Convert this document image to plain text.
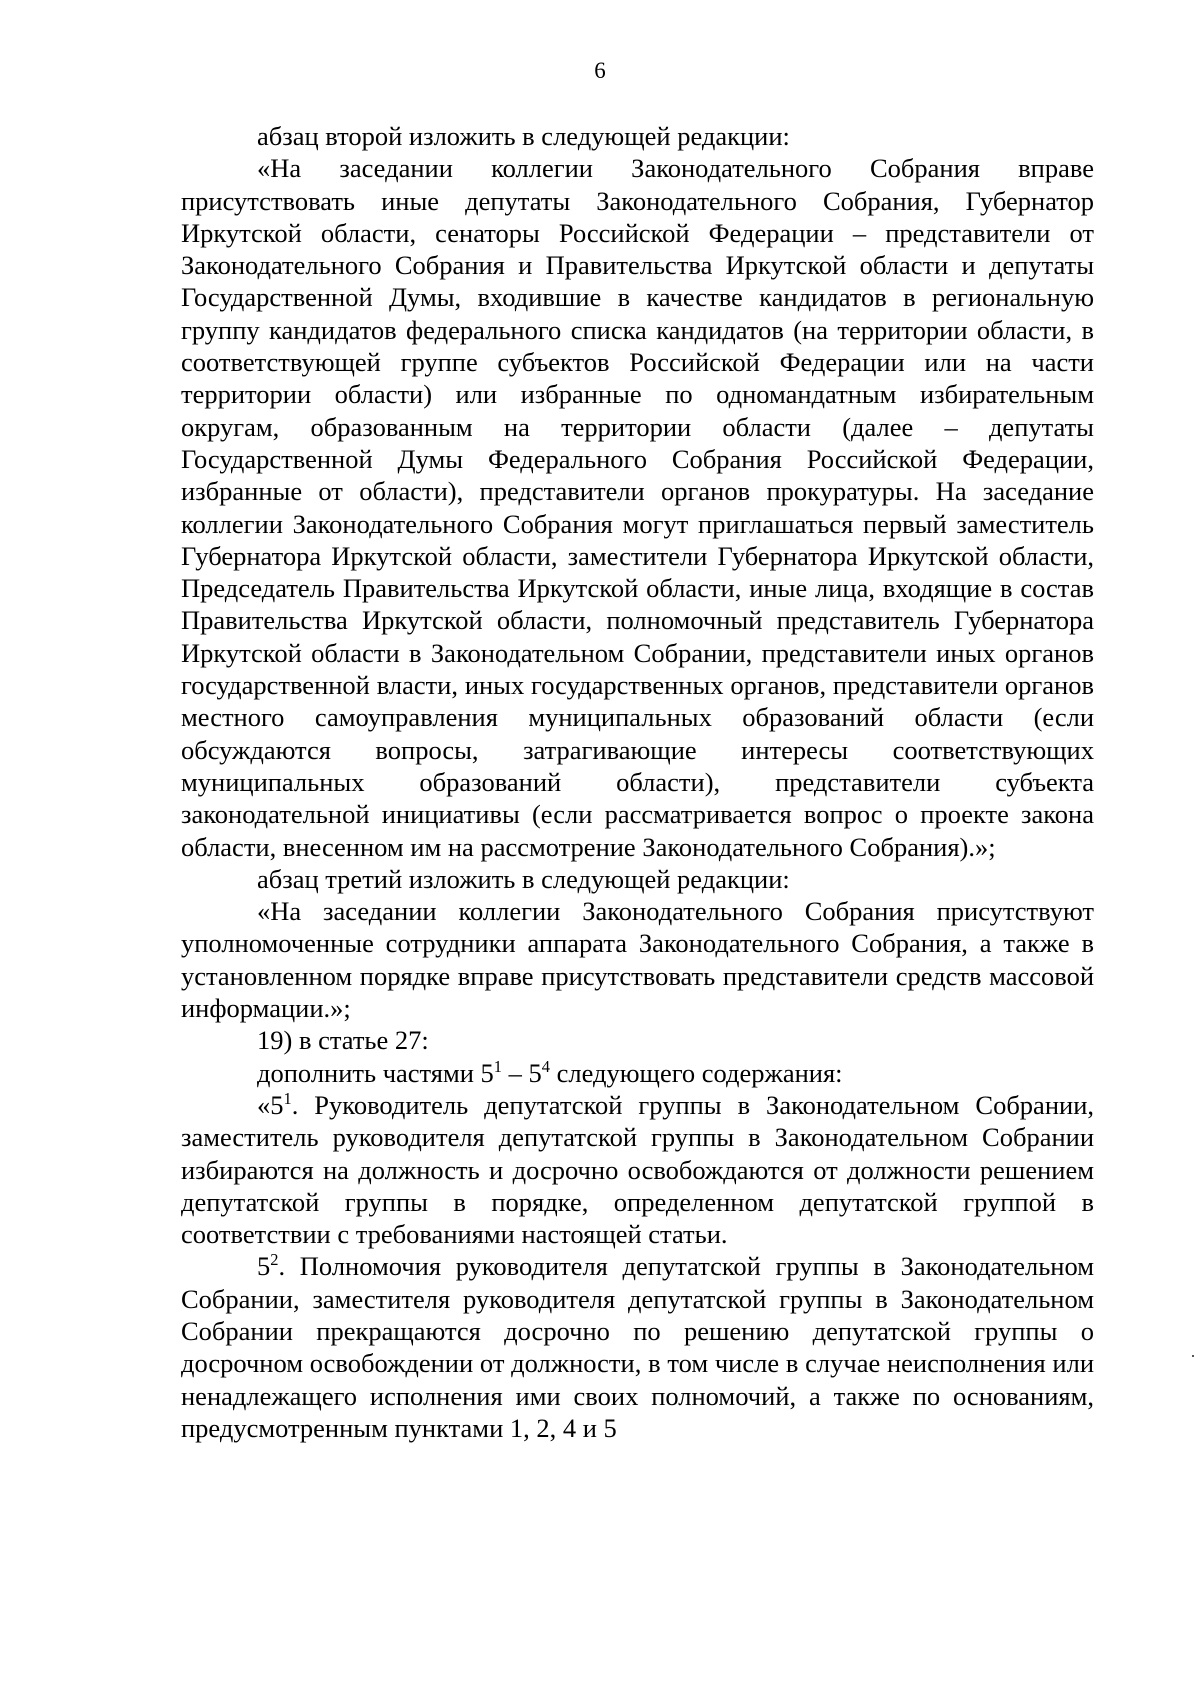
6

абзац второй изложить в следующей редакции:

«На заседании коллегии Законодательного Собрания вправе присутствовать иные депутаты Законодательного Собрания, Губернатор Иркутской области, сенаторы Российской Федерации – представители от Законодательного Собрания и Правительства Иркутской области и депутаты Государственной Думы, входившие в качестве кандидатов в региональную группу кандидатов федерального списка кандидатов (на территории области, в соответствующей группе субъектов Российской Федерации или на части территории области) или избранные по одномандатным избирательным округам, образованным на территории области (далее – депутаты Государственной Думы Федерального Собрания Российской Федерации, избранные от области), представители органов прокуратуры. На заседание коллегии Законодательного Собрания могут приглашаться первый заместитель Губернатора Иркутской области, заместители Губернатора Иркутской области, Председатель Правительства Иркутской области, иные лица, входящие в состав Правительства Иркутской области, полномочный представитель Губернатора Иркутской области в Законодательном Собрании, представители иных органов государственной власти, иных государственных органов, представители органов местного самоуправления муниципальных образований области (если обсуждаются вопросы, затрагивающие интересы соответствующих муниципальных образований области), представители субъекта законодательной инициативы (если рассматривается вопрос о проекте закона области, внесенном им на рассмотрение Законодательного Собрания).»;

абзац третий изложить в следующей редакции:

«На заседании коллегии Законодательного Собрания присутствуют уполномоченные сотрудники аппарата Законодательного Собрания, а также в установленном порядке вправе присутствовать представители средств массовой информации.»;

19) в статье 27:

дополнить частями $5^1 - 5^4$ следующего содержания:

«$5^1$. Руководитель депутатской группы в Законодательном Собрании, заместитель руководителя депутатской группы в Законодательном Собрании избираются на должность и досрочно освобождаются от должности решением депутатской группы в порядке, определенном депутатской группой в соответствии с требованиями настоящей статьи.

$5^2$. Полномочия руководителя депутатской группы в Законодательном Собрании, заместителя руководителя депутатской группы в Законодательном Собрании прекращаются досрочно по решению депутатской группы о досрочном освобождении от должности, в том числе в случае неисполнения или ненадлежащего исполнения ими своих полномочий, а также по основаниям, предусмотренным пунктами 1, 2, 4 и 5
